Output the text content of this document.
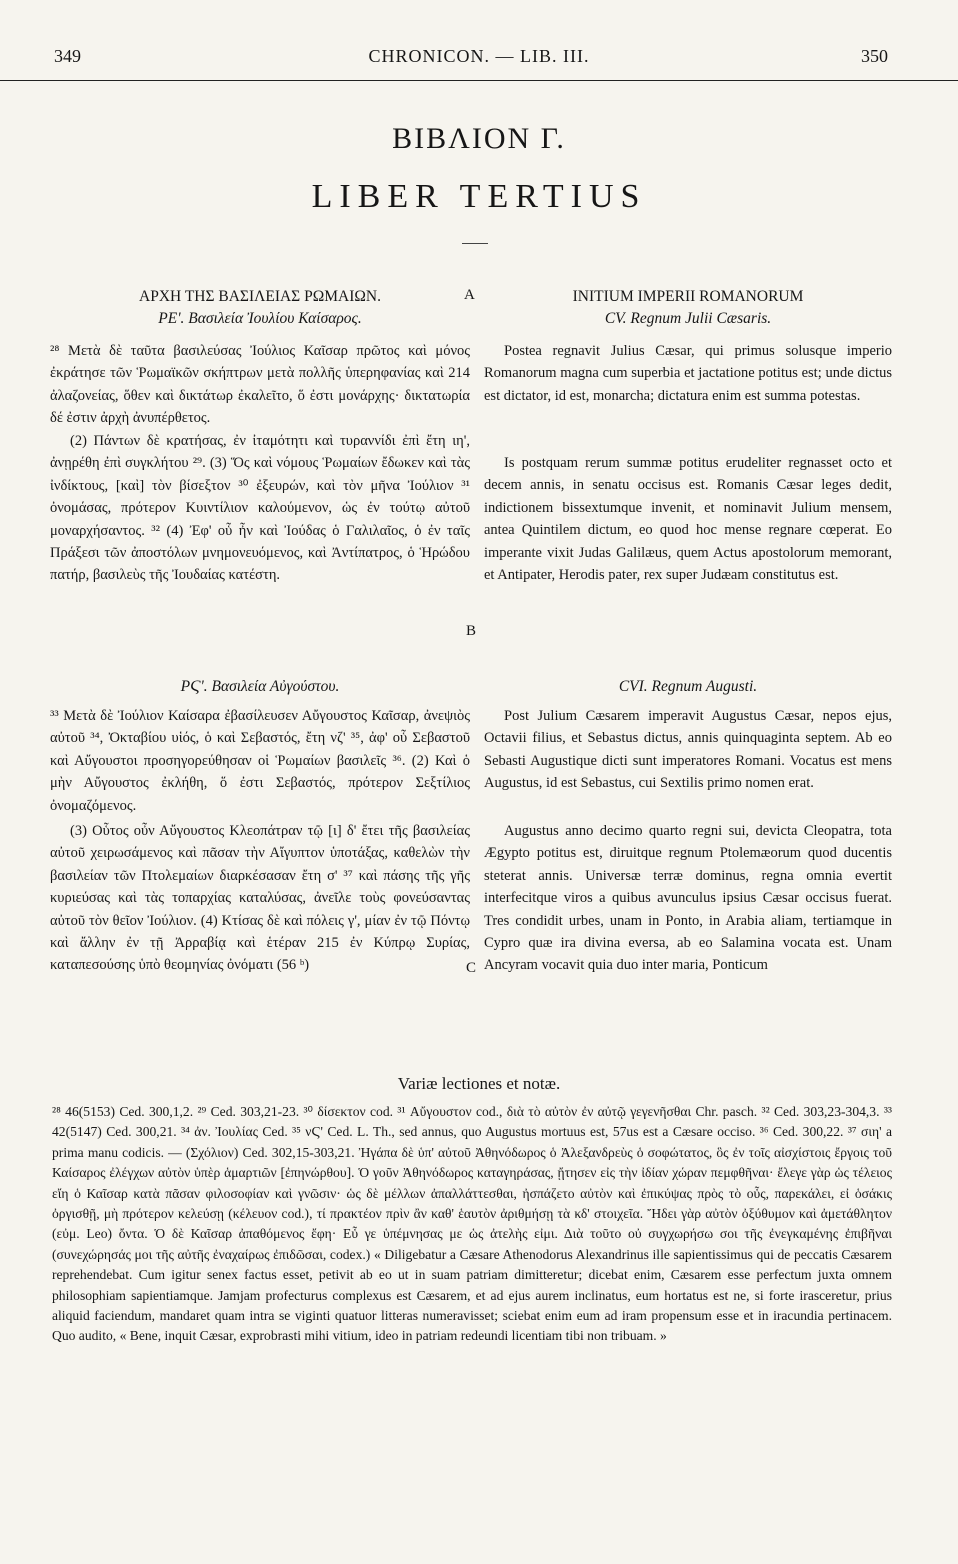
349	CHRONICON. — LIB. III.	350
ΒΙΒΛΙΟΝ Γ.
LIBER TERTIUS
A
B
C
ΑΡΧΗ ΤΗΣ ΒΑΣΙΛΕΙΑΣ ΡΩΜΑΙΩΝ.
ΡΕ'. Βασιλεία Ἰουλίου Καίσαρος.

²⁸ Μετὰ δὲ ταῦτα βασιλεύσας Ἰούλιος Καῖσαρ πρῶτος καὶ μόνος ἐκράτησε τῶν Ῥωμαϊκῶν σκήπτρων μετὰ πολλῆς ὑπερηφανίας καὶ 214 ἀλαζονείας, ὅθεν καὶ δικτάτωρ ἐκαλεῖτο, ὅ ἐστι μονάρχης· δικτατωρία δέ ἐστιν ἀρχὴ ἀνυπέρθετος.

(2) Πάντων δὲ κρατήσας, ἐν ἰταμότητι καὶ τυραννίδι ἐπὶ ἔτη ιη', ἀνῃρέθη ἐπὶ συγκλήτου ²⁹. (3) Ὅς καὶ νόμους Ῥωμαίων ἔδωκεν καὶ τὰς ἰνδίκτους, [καὶ] τὸν βίσεξτον ³⁰ ἐξευρών, καὶ τὸν μῆνα Ἰούλιον ³¹ ὀνομάσας, πρότερον Κυιντίλιον καλούμενον, ὡς ἐν τούτῳ αὐτοῦ μοναρχήσαντος. ³² (4) Ἐφ' οὗ ἦν καὶ Ἰούδας ὁ Γαλιλαῖος, ὁ ἐν ταῖς Πράξεσι τῶν ἀποστόλων μνημονευόμενος, καὶ Ἀντίπατρος, ὁ Ἡρώδου πατήρ, βασιλεὺς τῆς Ἰουδαίας κατέστη.

ΡϚ'. Βασιλεία Αὐγούστου.

³³ Μετὰ δὲ Ἰούλιον Καίσαρα ἐβασίλευσεν Αὔγουστος Καῖσαρ, ἀνεψιὸς αὐτοῦ ³⁴, Ὀκταβίου υἱός, ὁ καὶ Σεβαστός, ἔτη νζ' ³⁵, ἀφ' οὗ Σεβαστοῦ καὶ Αὔγουστοι προσηγορεύθησαν οἱ Ῥωμαίων βασιλεῖς ³⁶. (2) Καὶ ὁ μὴν Αὔγουστος ἐκλήθη, ὅ ἐστι Σεβαστός, πρότερον Σεξτίλιος ὀνομαζόμενος.

(3) Οὗτος οὖν Αὔγουστος Κλεοπάτραν τῷ [ι] δ' ἔτει τῆς βασιλείας αὐτοῦ χειρωσάμενος καὶ πᾶσαν τὴν Αἴγυπτον ὑποτάξας, καθελὼν τὴν βασιλείαν τῶν Πτολεμαίων διαρκέσασαν ἔτη σ' ³⁷ καὶ πάσης τῆς γῆς κυριεύσας καὶ τὰς τοπαρχίας καταλύσας, ἀνεῖλε τοὺς φονεύσαντας αὐτοῦ τὸν θεῖον Ἰούλιον. (4) Κτίσας δὲ καὶ πόλεις γ', μίαν ἐν τῷ Πόντῳ καὶ ἄλλην ἐν τῇ Ἀρραβίᾳ καὶ ἑτέραν 215 ἐν Κύπρῳ Συρίας, καταπεσούσης ὑπὸ θεομηνίας ὀνόματι (56 ᵇ)

INITIUM IMPERII ROMANORUM
CV. Regnum Julii Cæsaris.

Postea regnavit Julius Cæsar, qui primus solusque imperio Romanorum magna cum superbia et jactatione potitus est; unde dictus est dictator, id est, monarcha; dictatura enim est summa potestas.

Is postquam rerum summæ potitus erudeliter regnasset octo et decem annis, in senatu occisus est. Romanis Cæsar leges dedit, indictionem bissextumque invenit, et nominavit Julium mensem, antea Quintilem dictum, eo quod hoc mense regnare cœperat. Eo imperante vixit Judas Galilæus, quem Actus apostolorum memorant, et Antipater, Herodis pater, rex super Judæam constitutus est.

CVI. Regnum Augusti.

Post Julium Cæsarem imperavit Augustus Cæsar, nepos ejus, Octavii filius, et Sebastus dictus, annis quinquaginta septem. Ab eo Sebasti Augustique dicti sunt imperatores Romani. Vocatus est mens Augustus, id est Sebastus, cui Sextilis primo nomen erat.

Augustus anno decimo quarto regni sui, devicta Cleopatra, tota Ægypto potitus est, diruitque regnum Ptolemæorum quod ducentis steterat annis. Universæ terræ dominus, regna omnia evertit interfecitque viros a quibus avunculus ipsius Cæsar occisus fuerat. Tres condidit urbes, unam in Ponto, in Arabia aliam, tertiamque in Cypro quæ ira divina eversa, ab eo Salamina vocata est. Unam Ancyram vocavit quia duo inter maria, Ponticum

Variæ lectiones et notæ.

²⁸ 46(5153) Ced. 300,1,2. ²⁹ Ced. 303,21-23. ³⁰ δίσεκτον cod. ³¹ Αὔγουστον cod., διὰ τὸ αὐτὸν ἐν αὐτῷ γεγενῆσθαι Chr. pasch. ³² Ced. 303,23-304,3. ³³ 42(5147) Ced. 300,21. ³⁴ ἀν. Ἰουλίας Ced. ³⁵ νϚ' Ced. L. Th., sed annus, quo Augustus mortuus est, 57us est a Cæsare occiso. ³⁶ Ced. 300,22. ³⁷ σιη' a prima manu codicis. — (Σχόλιον) Ced. 302,15-303,21. Ἠγάπα δὲ ὑπ' αὐτοῦ Ἀθηνόδωρος ὁ Ἀλεξανδρεὺς ὁ σοφώτατος, ὃς ἐν τοῖς αἰσχίστοις ἔργοις τοῦ Καίσαρος ἐλέγχων αὐτὸν ὑπὲρ ἁμαρτιῶν [ἐπηνώρθου]. Ὁ γοῦν Ἀθηνόδωρος καταγηράσας, ᾔτησεν εἰς τὴν ἰδίαν χώραν πεμφθῆναι· ἔλεγε γὰρ ὡς τέλειος εἴη ὁ Καῖσαρ κατὰ πᾶσαν φιλοσοφίαν καὶ γνῶσιν· ὡς δὲ μέλλων ἀπαλλάττεσθαι, ἠσπάζετο αὐτὸν καὶ ἐπικύψας πρὸς τὸ οὖς, παρεκάλει, εἰ ὁσάκις ὀργισθῇ, μὴ πρότερον κελεύσῃ (κέλευον cod.), τί πρακτέον πρὶν ἂν καθ' ἑαυτὸν ἀριθμήσῃ τὰ κδ' στοιχεῖα. Ἤδει γὰρ αὐτὸν ὀξύθυμον καὶ ἀμετάθλητον (εὐμ. Leo) ὄντα. Ὁ δὲ Καῖσαρ ἀπαθόμενος ἔφη· Εὖ γε ὑπέμνησας με ὡς ἀτελὴς εἰμι. Διὰ τοῦτο οὐ συγχωρήσω σοι τῆς ἐνεγκαμένης ἐπιβῆναι (συνεχώρησάς μοι τῆς αὐτῆς ἐναχαίρως ἐπιδῶσαι, codex.) « Diligebatur a Cæsare Athenodorus Alexandrinus ille sapientissimus qui de peccatis Cæsarem reprehendebat. Cum igitur senex factus esset, petivit ab eo ut in suam patriam dimitteretur; dicebat enim, Cæsarem esse perfectum juxta omnem philosophiam sapientiamque. Jamjam profecturus complexus est Cæsarem, et ad ejus aurem inclinatus, eum hortatus est ne, si forte irasceretur, prius aliquid faciendum, mandaret quam intra se viginti quatuor litteras numeravisset; sciebat enim eum ad iram propensum esse et in iracundia pertinacem. Quo audito, « Bene, inquit Cæsar, exprobrasti mihi vitium, ideo in patriam redeundi licentiam tibi non tribuam. »
